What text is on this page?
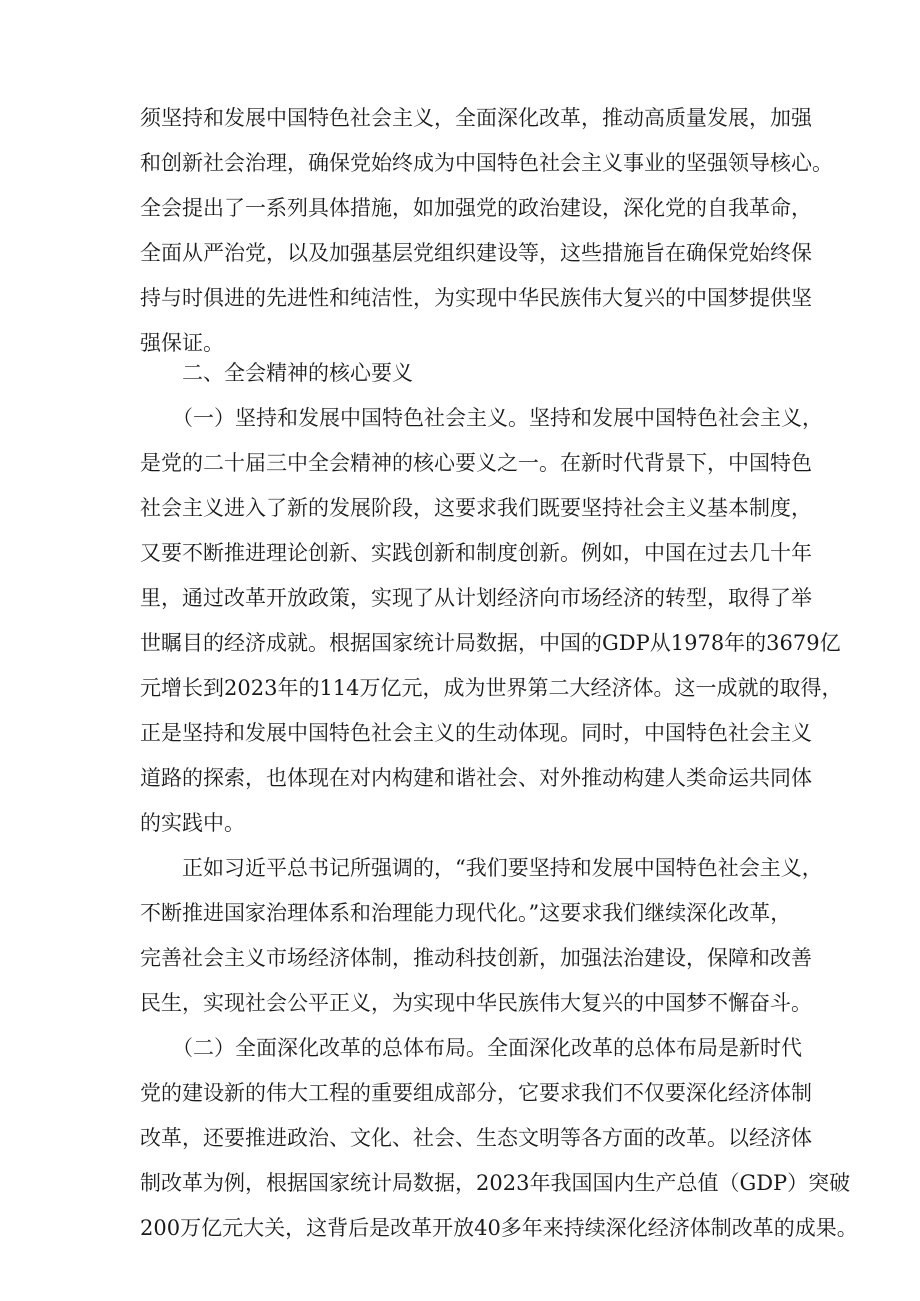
须坚持和发展中国特色社会主义，全面深化改革，推动高质量发展，加强
和创新社会治理，确保党始终成为中国特色社会主义事业的坚强领导核心。
全会提出了一系列具体措施，如加强党的政治建设，深化党的自我革命，
全面从严治党，以及加强基层党组织建设等，这些措施旨在确保党始终保
持与时俱进的先进性和纯洁性，为实现中华民族伟大复兴的中国梦提供坚
强保证。
二、全会精神的核心要义
（一）坚持和发展中国特色社会主义。坚持和发展中国特色社会主义，
是党的二十届三中全会精神的核心要义之一。在新时代背景下，中国特色
社会主义进入了新的发展阶段，这要求我们既要坚持社会主义基本制度，
又要不断推进理论创新、实践创新和制度创新。例如，中国在过去几十年
里，通过改革开放政策，实现了从计划经济向市场经济的转型，取得了举
世瞩目的经济成就。根据国家统计局数据，中国的GDP从1978年的3679亿
元增长到2023年的114万亿元，成为世界第二大经济体。这一成就的取得，
正是坚持和发展中国特色社会主义的生动体现。同时，中国特色社会主义
道路的探索，也体现在对内构建和谐社会、对外推动构建人类命运共同体
的实践中。
正如习近平总书记所强调的，“我们要坚持和发展中国特色社会主义，
不断推进国家治理体系和治理能力现代化。”这要求我们继续深化改革，
完善社会主义市场经济体制，推动科技创新，加强法治建设，保障和改善
民生，实现社会公平正义，为实现中华民族伟大复兴的中国梦不懈奋斗。
（二）全面深化改革的总体布局。全面深化改革的总体布局是新时代
党的建设新的伟大工程的重要组成部分，它要求我们不仅要深化经济体制
改革，还要推进政治、文化、社会、生态文明等各方面的改革。以经济体
制改革为例，根据国家统计局数据，2023年我国国内生产总值（GDP）突破
200万亿元大关，这背后是改革开放40多年来持续深化经济体制改革的成果。
